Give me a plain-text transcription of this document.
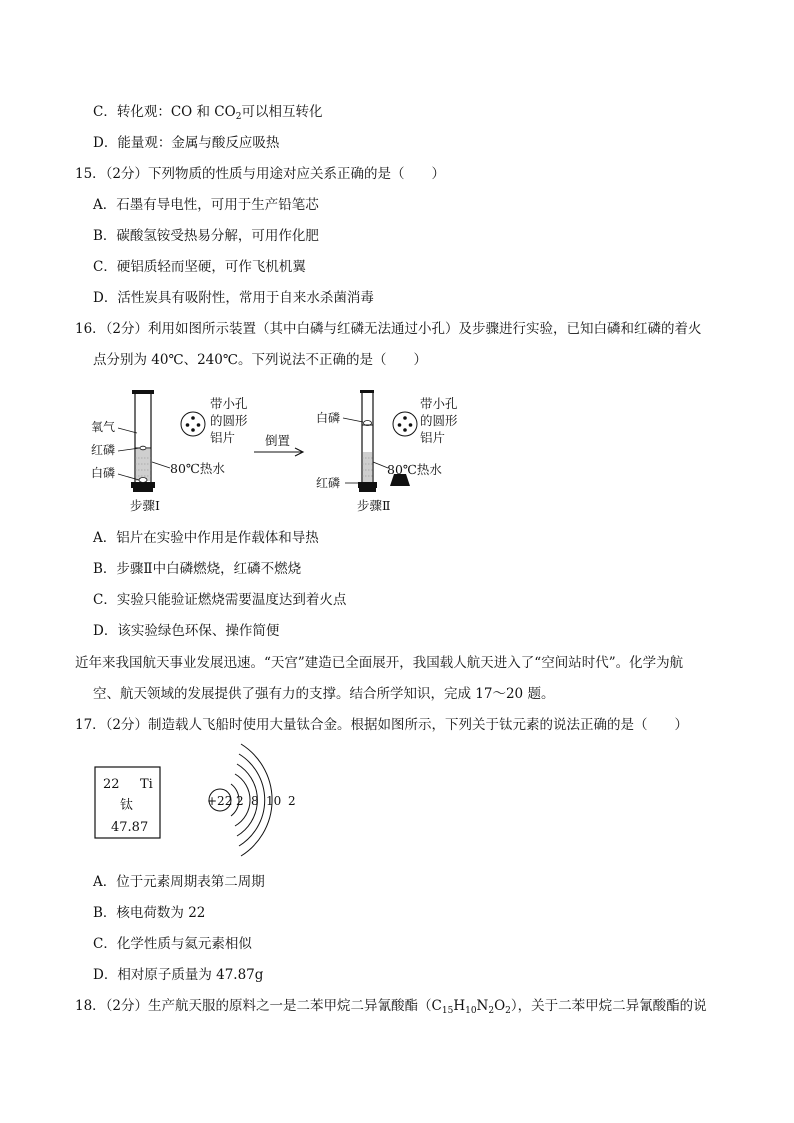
C．转化观：CO 和 $CO_2$可以相互转化
D．能量观：金属与酸反应吸热
15．（2分）下列物质的性质与用途对应关系正确的是（　　）
A．石墨有导电性，可用于生产铅笔芯
B．碳酸氢铵受热易分解，可用作化肥
C．硬铝质轻而坚硬，可作飞机机翼
D．活性炭具有吸附性，常用于自来水杀菌消毒
16．（2分）利用如图所示装置（其中白磷与红磷无法通过小孔）及步骤进行实验，已知白磷和红磷的着火
点分别为 40℃、240℃。下列说法不正确的是（　　）
氧气
红磷
白磷
带小孔
的圆形
铝片
80℃热水
步骤Ⅰ
倒置
白磷
红磷
带小孔
的圆形
铝片
80℃热水
步骤Ⅱ
A．铝片在实验中作用是作载体和导热
B．步骤Ⅱ中白磷燃烧，红磷不燃烧
C．实验只能验证燃烧需要温度达到着火点
D．该实验绿色环保、操作简便
近年来我国航天事业发展迅速。“天宫”建造已全面展开，我国载人航天进入了“空间站时代”。化学为航
空、航天领域的发展提供了强有力的支撑。结合所学知识，完成 17～20 题。
17．（2分）制造载人飞船时使用大量钛合金。根据如图所示，下列关于钛元素的说法正确的是（　　）
22 Ti
钛
47.87
+22 2 8 10 2
A．位于元素周期表第二周期
B．核电荷数为 22
C．化学性质与氦元素相似
D．相对原子质量为 47.87g
18．（2分）生产航天服的原料之一是二苯甲烷二异氰酸酯$(C_{15}H_{10}N_2O_2)$，关于二苯甲烷二异氰酸酯的说
